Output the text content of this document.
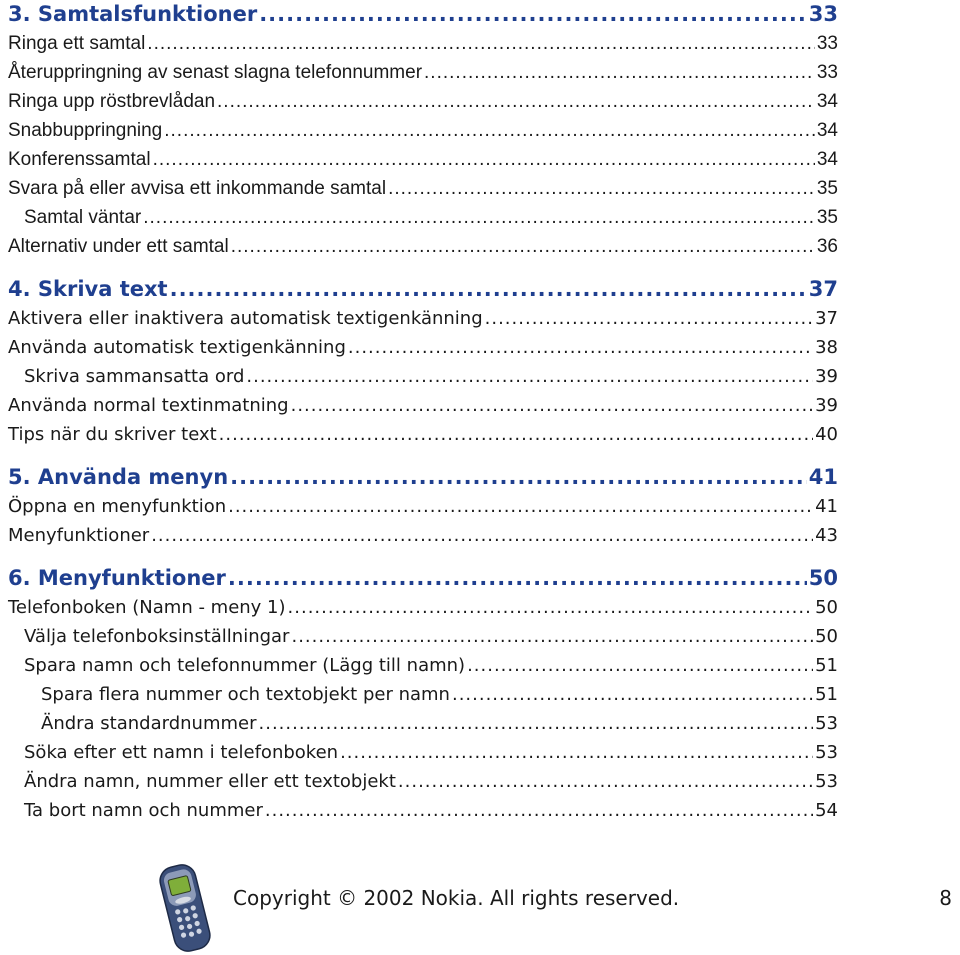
3. Samtalsfunktioner .....	33
Ringa ett samtal .....	33
Återuppringning av senast slagna telefonnummer .....	33
Ringa upp röstbrevlådan .....	34
Snabbuppringning .....	34
Konferenssamtal .....	34
Svara på eller avvisa ett inkommande samtal .....	35
Samtal väntar .....	35
Alternativ under ett samtal .....	36
4. Skriva text .....	37
Aktivera eller inaktivera automatisk textigenkänning .....	37
Använda automatisk textigenkänning .....	38
Skriva sammansatta ord .....	39
Använda normal textinmatning .....	39
Tips när du skriver text .....	40
5. Använda menyn .....	41
Öppna en menyfunktion .....	41
Menyfunktioner .....	43
6. Menyfunktioner .....	50
Telefonboken (Namn - meny 1) .....	50
Välja telefonboksinställningar .....	50
Spara namn och telefonnummer (Lägg till namn) .....	51
Spara flera nummer och textobjekt per namn .....	51
Ändra standardnummer .....	53
Söka efter ett namn i telefonboken .....	53
Ändra namn, nummer eller ett textobjekt .....	53
Ta bort namn och nummer .....	54
Copyright © 2002 Nokia. All rights reserved.	8
